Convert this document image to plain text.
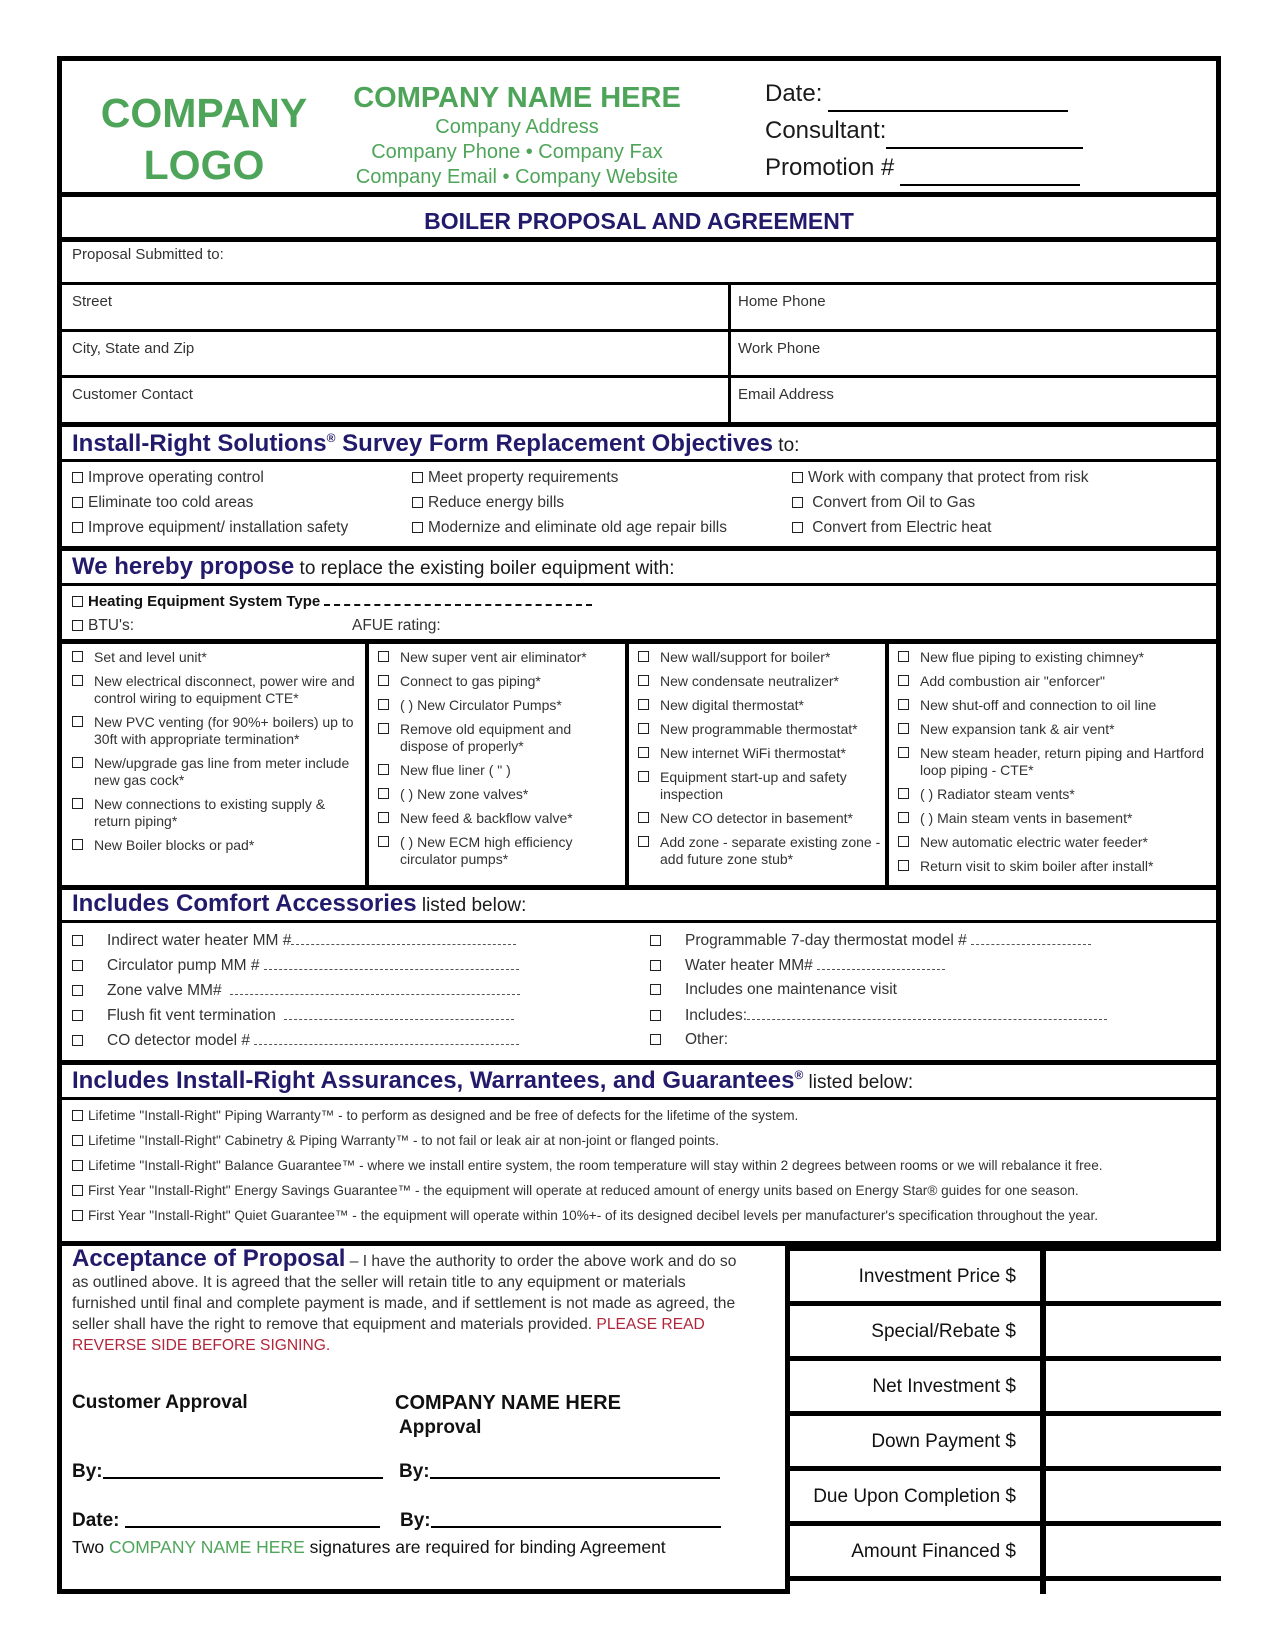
COMPANY
LOGO
COMPANY NAME HERE
Company Address
Company Phone • Company Fax
Company Email • Company Website
Date:
Consultant:
Promotion #
BOILER PROPOSAL AND AGREEMENT
Proposal Submitted to:
Street	Home Phone
City, State and Zip	Work Phone
Customer Contact	Email Address
Install-Right Solutions® Survey Form Replacement Objectives to:
Improve operating control
Eliminate too cold areas
Improve equipment/ installation safety
Meet property requirements
Reduce energy bills
Modernize and eliminate old age repair bills
Work with company that protect from risk
Convert from Oil to Gas
Convert from Electric heat
We hereby propose to replace the existing boiler equipment with:
Heating Equipment System Type
BTU's:	AFUE rating:
Set and level unit*
New electrical disconnect, power wire and control wiring to equipment CTE*
New PVC venting (for 90%+ boilers) up to 30ft with appropriate termination*
New/upgrade gas line from meter include new gas cock*
New connections to existing supply & return piping*
New Boiler blocks or pad*
New super vent air eliminator*
Connect to gas piping*
( ) New Circulator Pumps*
Remove old equipment and dispose of properly*
New flue liner ( " )
( ) New zone valves*
New feed & backflow valve*
( ) New ECM high efficiency circulator pumps*
New wall/support for boiler*
New condensate neutralizer*
New digital thermostat*
New programmable thermostat*
New internet WiFi thermostat*
Equipment start-up and safety inspection
New CO detector in basement*
Add zone - separate existing zone - add future zone stub*
New flue piping to existing chimney*
Add combustion air "enforcer"
New shut-off and connection to oil line
New expansion tank & air vent*
New steam header, return piping and Hartford loop piping - CTE*
( ) Radiator steam vents*
( ) Main steam vents in basement*
New automatic electric water feeder*
Return visit to skim boiler after install*
Includes Comfort Accessories listed below:
Indirect water heater MM #
Circulator pump MM #
Zone valve MM#
Flush fit vent termination
CO detector model #
Programmable 7-day thermostat model #
Water heater MM#
Includes one maintenance visit
Includes:
Other:
Includes Install-Right Assurances, Warrantees, and Guarantees® listed below:
Lifetime "Install-Right" Piping Warranty™ - to perform as designed and be free of defects for the lifetime of the system.
Lifetime "Install-Right" Cabinetry & Piping Warranty™ - to not fail or leak air at non-joint or flanged points.
Lifetime "Install-Right" Balance Guarantee™ - where we install entire system, the room temperature will stay within 2 degrees between rooms or we will rebalance it free.
First Year "Install-Right" Energy Savings Guarantee™ - the equipment will operate at reduced amount of energy units based on Energy Star® guides for one season.
First Year "Install-Right" Quiet Guarantee™ - the equipment will operate within 10%+- of its designed decibel levels per manufacturer's specification throughout the year.
Acceptance of Proposal – I have the authority to order the above work and do so as outlined above. It is agreed that the seller will retain title to any equipment or materials furnished until final and complete payment is made, and if settlement is not made as agreed, the seller shall have the right to remove that equipment and materials provided. PLEASE READ REVERSE SIDE BEFORE SIGNING.
Customer Approval	COMPANY NAME HERE
Approval
By:	By:
Date:	By:
Two COMPANY NAME HERE signatures are required for binding Agreement
Investment Price $
Special/Rebate $
Net Investment $
Down Payment $
Due Upon Completion $
Amount Financed $
